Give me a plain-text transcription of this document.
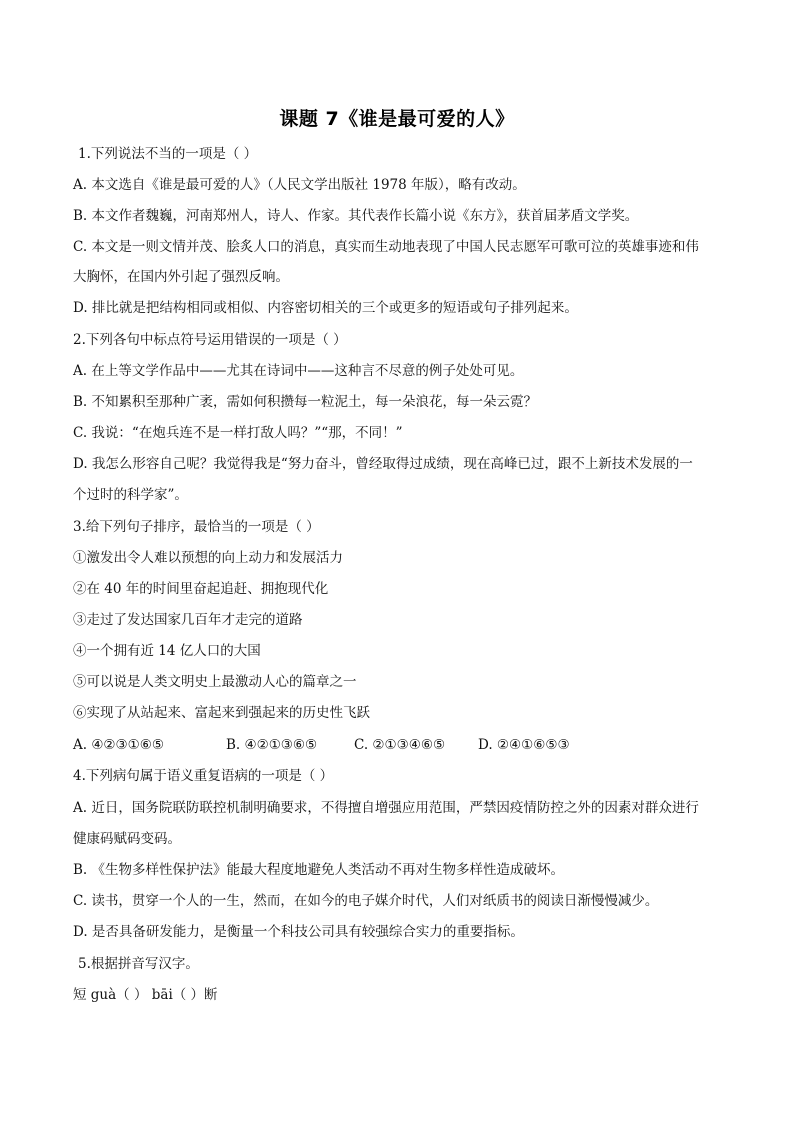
课题 7《谁是最可爱的人》
1.下列说法不当的一项是（ ）
A. 本文选自《谁是最可爱的人》（人民文学出版社 1978 年版），略有改动。
B. 本文作者魏巍，河南郑州人，诗人、作家。其代表作长篇小说《东方》，获首届茅盾文学奖。
C. 本文是一则文情并茂、脍炙人口的消息，真实而生动地表现了中国人民志愿军可歌可泣的英雄事迹和伟
大胸怀，在国内外引起了强烈反响。
D. 排比就是把结构相同或相似、内容密切相关的三个或更多的短语或句子排列起来。
2.下列各句中标点符号运用错误的一项是（ ）
A. 在上等文学作品中——尤其在诗词中——这种言不尽意的例子处处可见。
B. 不知累积至那种广袤，需如何积攒每一粒泥土，每一朵浪花，每一朵云霓？
C. 我说：“在炮兵连不是一样打敌人吗？”“那，不同！”
D. 我怎么形容自己呢？我觉得我是“努力奋斗，曾经取得过成绩，现在高峰已过，跟不上新技术发展的一
个过时的科学家”。
3.给下列句子排序，最恰当的一项是（ ）
①激发出令人难以预想的向上动力和发展活力
②在 40 年的时间里奋起追赶、拥抱现代化
③走过了发达国家几百年才走完的道路
④一个拥有近 14 亿人口的大国
⑤可以说是人类文明史上最激动人心的篇章之一
⑥实现了从站起来、富起来到强起来的历史性飞跃
A. ④②③①⑥⑤	B. ④②①③⑥⑤	C. ②①③④⑥⑤ D. ②④①⑥⑤③
4.下列病句属于语义重复语病的一项是（ ）
A. 近日，国务院联防联控机制明确要求，不得擅自增强应用范围，严禁因疫情防控之外的因素对群众进行
健康码赋码变码。
B. 《生物多样性保护法》能最大程度地避免人类活动不再对生物多样性造成破坏。
C. 读书，贯穿一个人的一生，然而，在如今的电子媒介时代，人们对纸质书的阅读日渐慢慢减少。
D. 是否具备研发能力，是衡量一个科技公司具有较强综合实力的重要指标。
5.根据拼音写汉字。
短 guà（ ） bāi（ ）断
